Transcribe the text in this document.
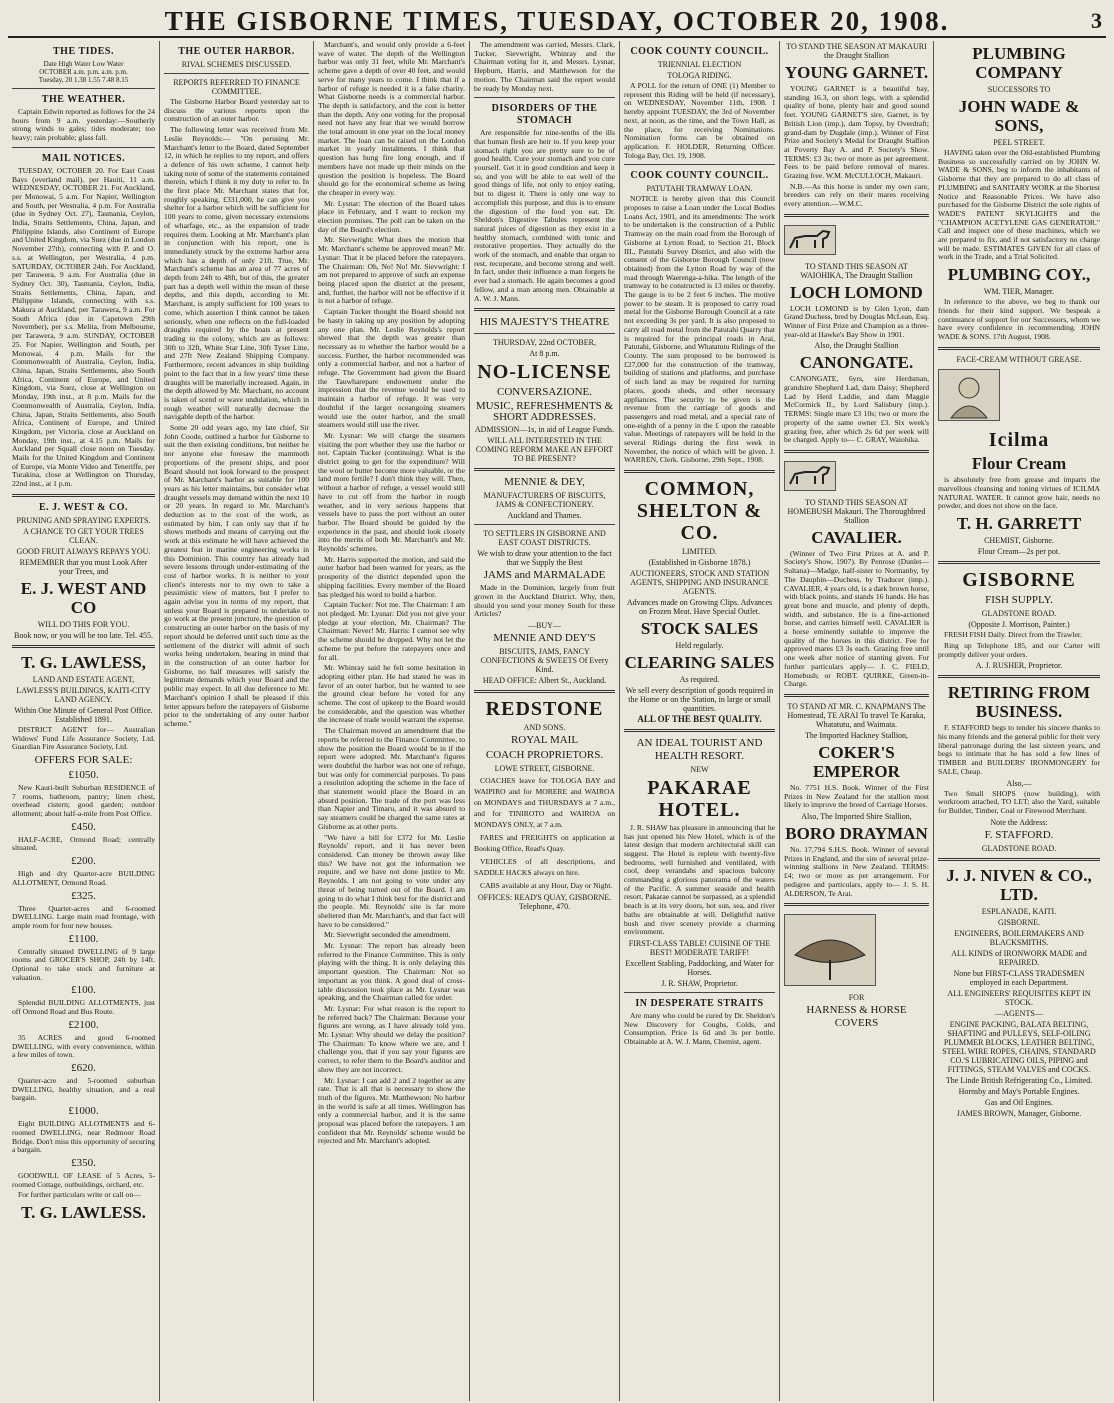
THE GISBORNE TIMES, TUESDAY, OCTOBER 20, 1908.	3
THE TIDES.
Date High Water Low Water
OCTOBER a.m. p.m. a.m. p.m.
Tuesday, 20 1.38 1.55 7.48 8.15
THE WEATHER.

Captain Edwin reported as follows for the 24 hours from 9 a.m. yesterday:—Southerly strong winds to gales; tides moderate; too heavy; rain probable; glass fall.

MAIL NOTICES.

TUESDAY, OCTOBER 20. For East Coast Bays (overland mail), per Hauiti, 11 a.m. WEDNESDAY, OCTOBER 21. For Auckland, per Monowai, 5 a.m. For Napier, Wellington and South, per Westralia, 4 p.m. For Australia (due in Sydney Oct. 27), Tasmania, Ceylon, India, Straits Settlements, China, Japan, and Philippine Islands, also Continent of Europe and United Kingdom, via Suez (due in London November 27th), connecting with P. and O. s.s. at Wellington, per Westralia, 4 p.m. SATURDAY, OCTOBER 24th. For Auckland, per Tarawera, 9 a.m. For Australia (due in Sydney Oct. 30), Tasmania, Ceylon, India, Straits Settlements, China, Japan, and Philippine Islands, connecting with s.s. Makura at Auckland, per Tarawera, 9 a.m. For South Africa (due in Capetown 29th November), per s.s. Melita, from Melbourne, per Tarawera, 9 a.m. SUNDAY, OCTOBER 25. For Napier, Wellington and South, per Monowai, 4 p.m. Mails for the Commonwealth of Australia, Ceylon, India, China, Japan, Straits Settlements, also South Africa, Continent of Europe, and United Kingdom, via Suez, close at Wellington on Monday, 19th inst., at 8 p.m. Mails for the Commonwealth of Australia, Ceylon, India, China, Japan, Straits Settlements, also South Africa, Continent of Europe, and United Kingdom, per Victoria, close at Auckland on Monday, 19th inst., at 4.15 p.m. Mails for Auckland per Squall close noon on Tuesday. Mails for the United Kingdom and Continent of Europe, via Monte Video and Teneriffe, per Turakina, close at Wellington on Thursday, 22nd inst., at 1 p.m.

E. J. WEST & CO.
PRUNING AND SPRAYING EXPERTS.
A CHANCE TO GET YOUR TREES CLEAN.
GOOD FRUIT ALWAYS REPAYS YOU.
REMEMBER that you must Look After your Trees, and
E. J. WEST AND CO
WILL DO THIS FOR YOU.
Book now, or you will be too late. Tel. 455.
T. G. LAWLESS,
LAND AND ESTATE AGENT,
LAWLESS'S BUILDINGS, KAITI-CITY LAND AGENCY.
Within One Minute of General Post Office. Established 1891.

DISTRICT AGENT for— Australian Widows' Fund Life Assurance Society, Ltd. Guardian Fire Assurance Society, Ltd.

OFFERS FOR SALE:
£1050.

New Kauri-built Suburban RESIDENCE of 7 rooms, bathroom, pantry; linen chest, overhead cistern; good garden; outdoor allotment; about half-a-mile from Post Office.

£450.

HALF-ACRE, Ormond Road; centrally situated.

£200.

High and dry Quarter-acre BUILDING ALLOTMENT, Ormond Road.

£325.

Three Quarter-acres and 6-roomed DWELLING. Large main road frontage, with ample room for four new houses.

£1100.

Centrally situated DWELLING of 9 large rooms and GROCER'S SHOP, 24ft by 14ft. Optional to take stock and furniture at valuation.

£100.

Splendid BUILDING ALLOTMENTS, just off Ormond Road and Bus Route.

£2100.

35 ACRES and good 6-roomed DWELLING, with every convenience, within a few miles of town.

£620.

Quarter-acre and 5-roomed suburban DWELLING, healthy situation, and a real bargain.

£1000.

Eight BUILDING ALLOTMENTS and 6-roomed DWELLING, near Redmoor Road Bridge. Don't miss this opportunity of securing a bargain.

£350.

GOODWILL OF LEASE of 5 Acres, 5-roomed Cottage, outbuildings, orchard, etc.

For further particulars write or call on—

T. G. LAWLESS.
THE OUTER HARBOR.
RIVAL SCHEMES DISCUSSED.
REPORTS REFERRED TO FINANCE COMMITTEE.

The Gisborne Harbor Board yesterday sat to discuss the various reports upon the construction of an outer harbor.

The following letter was received from Mr. Leslie Reynolds:— "On perusing Mr. Marchant's letter to the Board, dated September 12, in which he replies to my report, and offers a defence of his own scheme, I cannot help taking note of some of the statements contained therein, which I think it my duty to refer to. In the first place Mr. Marchant states that for, roughly speaking, £331,000, he can give you shelter for a harbor which will be sufficient for 100 years to come, given necessary extensions of wharfage, etc., as the expansion of trade requires them. Looking at Mr. Marchant's plan in conjunction with his report, one is immediately struck by the extreme harbor area which has a depth of only 21ft. True, Mr. Marchant's scheme has an area of 77 acres of depth from 24ft to 48ft, but of this, the greater part has a depth well within the mean of these depths, and this depth, according to Mr. Marchant, is amply sufficient for 100 years to come, which assertion I think cannot be taken seriously, when one reflects on the full-loaded draughts required by the boats at present trading to the colony, which are as follows: 30ft to 32ft, White Star Line, 30ft Tyser Line, and 27ft New Zealand Shipping Company. Furthermore, recent advances in ship building point to the fact that in a few years' time these draughts will be materially increased. Again, in the depth allowed by Mr. Marchant, no account is taken of scend or wave undulation, which in rough weather will naturally decrease the navigable depth of the harbor.

Some 20 odd years ago, my late chief, Sir John Coode, outlined a harbor for Gisborne to suit the then existing conditions, but neither he nor anyone else foresaw the mammoth proportions of the present ships, and poor Board should not look forward to the prospect of Mr. Marchant's harbor as suitable for 100 years as his letter maintains, but consider what draught vessels may demand within the next 10 or 20 years. In regard to Mr. Marchant's deduction as to the cost of the work, as estimated by him, I can only say that if he shows methods and means of carrying out the work at this estimate he will have achieved the greatest feat in marine engineering works in this Dominion. This country has already had severe lessons through under-estimating of the cost of harbor works. It is neither to your client's interests nor to my own to take a pessimistic view of matters, but I prefer to again advise you in terms of my report, that unless your Board is prepared to undertake to go work at the present juncture, the question of constructing an outer harbor on the basis of my report should be deferred until such time as the settlement of the district will admit of such works being undertaken, bearing in mind that in the construction of an outer harbor for Gisborne, no half measures will satisfy the legitimate demands which your Board and the public may expect. In all due deference to Mr. Marchant's opinion I shall be pleased if this letter appears before the ratepayers of Gisborne prior to the undertaking of any outer harbor scheme."

Marchant's, and would only provide a 6-feet wave of water. The depth of the Wellington harbor was only 31 feet, while Mr. Marchant's scheme gave a depth of over 40 feet, and would serve for many years to come. I think that if a harbor of refuge is needed it is a false charity. What Gisborne needs is a commercial harbor. The depth is satisfactory, and the cost is better than the depth. Any one voting for the proposal need not have any fear that we would borrow the total amount in one year on the local money market. The loan can be raised on the London market in yearly instalments. I think that question has hung fire long enough, and if members have not made up their minds on the question the position is hopeless. The Board should go for the economical scheme as being the cheaper in every way.

Mr. Lysnar: The election of the Board takes place in February, and I want to reckon my election promises. The poll can be taken on the day of the Board's election.

Mr. Sievwright: What does the motion that Mr. Marchant's scheme be approved mean? Mr. Lysnar: That it be placed before the ratepayers. The Chairman: Oh, No! No! Mr. Sievwright: I am not prepared to approve of such an expense being placed upon the district at the present, and, further, the harbor will not be effective if it is not a harbor of refuge.

Captain Tucker thought the Board should not be hasty in taking up any position by adopting any one plan. Mr. Leslie Reynolds's report showed that the depth was greater than necessary as to whether the harbor would be a success. Further, the harbor recommended was only a commercial harbor, and not a harbor of refuge. The Government had given the Board the Tauwharepare endowment under the impression that the revenue would be used to maintain a harbor of refuge. It was very doubtful if the larger oceangoing steamers would use the outer harbor, and the small steamers would still use the river.

Mr. Lysnar: We will charge the steamers visiting the port whether they use the harbor or not. Captain Tucker (continuing): What is the district going to get for the expenditure? Will the wool or butter become more valuable, or the land more fertile? I don't think they will. Then, without a harbor of refuge, a vessel would still have to cut off from the harbor in rough weather, and in very serious happens that vessels have to pass the port without an outer harbor. The Board should be guided by the experience in the past, and should look closely into the merits of both Mr. Marchant's and Mr. Reynolds' schemes.

Mr. Harris supported the motion, and said the outer harbor had been wanted for years, as the prosperity of the district depended upon the shipping facilities. Every member of the Board has pledged his word to build a harbor.

Captain Tucker: Not me. The Chairman: I am not pledged. Mr. Lysnar: Did you not give your pledge at your election, Mr. Chairman? The Chairman: Never! Mr. Harris: I cannot see why the scheme should be dropped. Why not let the scheme be put before the ratepayers once and for all.

Mr. Whinray said he felt some hesitation in adopting either plan. He had stated he was in favor of an outer harbor, but he wanted to see the ground clear before he voted for any scheme. The cost of upkeep to the Board would be considerable, and the question was whether the increase of trade would warrant the expense.

The Chairman moved an amendment that the reports be referred to the Finance Committee, to show the position the Board would be in if the report were adopted. Mr. Marchant's figures were doubtful the harbor was not one of refuge, but was only for commercial purposes. To pass a resolution adopting the scheme in the face of that statement would place the Board in an absurd position. The trade of the port was less than Napier and Timaru, and it was absurd to say steamers could be charged the same rates at Gisborne as at other ports.

"We have a bill for £372 for Mr. Leslie Reynolds' report, and it has never been considered. Can money be thrown away like this? We have not got the information we require, and we have not done justice to Mr. Reynolds. I am not going to vote under any threat of being turned out of the Board. I am going to do what I think best for the district and the people. Mr. Reynolds' site is far more sheltered than Mr. Marchant's, and that fact will have to be considered."

Mr. Sievwright seconded the amendment.

Mr. Lysnar: The report has already been referred to the Finance Committee. This is only playing with the thing. It is only delaying this important question. The Chairman: Not so important as you think. A good deal of cross-table discussion took place as Mr. Lysnar was speaking, and the Chairman called for order.

Mr. Lysnar: For what reason is the report to be referred back? The Chairman: Because your figures are wrong, as I have already told you. Mr. Lysnar: Why should we delay the position? The Chairman: To know where we are, and I challenge you, that if you say your figures are correct, to refer them to the Board's auditor and show they are not incorrect.

Mr. Lysnar: I can add 2 and 2 together as any rate. That is all that is necessary to show the truth of the figures. Mr. Matthewson: No harbor in the world is safe at all times. Wellington has only a commercial harbor, and it is the same proposal was placed before the ratepayers. I am confident that Mr. Reynolds' scheme would be rejected and Mr. Marchant's adopted.

The amendment was carried, Messrs. Clark, Tucker, Sievwright, Whinray and the Chairman voting for it, and Messrs. Lysnar, Hepburn, Harris, and Matthewson for the motion. The Chairman said the report would be ready by Monday next.

DISORDERS OF THE STOMACH

Are responsible for nine-tenths of the ills that human flesh are heir to. If you keep your stomach right you are pretty sure to be of good health. Cure your stomach and you cure yourself. Get it in good condition and keep it so, and you will be able to eat well of the good things of life, not only to enjoy eating, but to digest it. There is only one way to accomplish this purpose, and this is to ensure the digestion of the food you eat. Dr. Sheldon's Digestive Tabules represent the natural juices of digestion as they exist in a healthy stomach, combined with tonic and restorative properties. They actually do the work of the stomach, and enable that organ to rest, recuperate, and become strong and well. In fact, under their influence a man forgets he ever had a stomach. He again becomes a good fellow, and a man among men. Obtainable at A. W. J. Mann.

HIS MAJESTY'S THEATRE
THURSDAY, 22nd OCTOBER,
At 8 p.m.
NO-LICENSE
CONVERSAZIONE.
MUSIC, REFRESHMENTS & SHORT ADDRESSES.
ADMISSION—1s, in aid of League Funds.
WILL ALL INTERESTED IN THE COMING REFORM MAKE AN EFFORT TO BE PRESENT?
MENNIE & DEY,
MANUFACTURERS OF BISCUITS, JAMS & CONFECTIONERY.
Auckland and Thames.
TO SETTLERS IN GISBORNE AND EAST COAST DISTRICTS.
We wish to draw your attention to the fact that we Supply the Best
JAMS and MARMALADE

Made in the Dominion, largely from fruit grown in the Auckland District. Why, then, should you send your money South for these Articles?

—BUY—
MENNIE AND DEY'S
BISCUITS, JAMS, FANCY CONFECTIONS & SWEETS Of Every Kind.
HEAD OFFICE: Albert St., Auckland.
REDSTONE
AND SONS.
ROYAL MAIL
COACH PROPRIETORS.
LOWE STREET, GISBORNE.

COACHES leave for TOLOGA BAY and WAIPIRO and for MORERE and WAIROA on MONDAYS and THURSDAYS at 7 a.m., and for TINIROTO and WAIROA on MONDAYS ONLY, at 7 a.m.

FARES and FREIGHTS on application at Booking Office, Read's Quay.

VEHICLES of all descriptions, and SADDLE HACKS always on hire.

CABS available at any Hour, Day or Night.

OFFICES: READ'S QUAY, GISBORNE. Telephone, 470.
COOK COUNTY COUNCIL.
TRIENNIAL ELECTION
TOLOGA RIDING.

A POLL for the return of ONE (1) Member to represent this Riding will be held (if necessary), on WEDNESDAY, November 11th, 1908. I hereby appoint TUESDAY, the 3rd of November next, at noon, as the time, and the Town Hall, as the place, for receiving Nominations. Nomination forms can be obtained on application. F. HOLDER, Returning Officer. Tologa Bay, Oct. 19, 1908.

COOK COUNTY COUNCIL.
PATUTAHI TRAMWAY LOAN.

NOTICE is hereby given that this Council proposes to raise a Loan under the Local Bodies Loans Act, 1901, and its amendments: The work to be undertaken is the construction of a Public Tramway on the main road from the Borough of Gisborne at Lytton Road, to Section 21, Block III., Patutahi Survey District, and also with the consent of the Gisborne Borough Council (now obtained) from the Lytton Road by way of the road through Waerenga-a-hika. The length of the tramway to be constructed is 13 miles or thereby. The gauge is to be 2 feet 6 inches. The motive power to be steam. It is proposed to carry road metal for the Gisborne Borough Council at a rate not exceeding 3s per yard. It is also proposed to carry all road metal from the Patutahi Quarry that is required for the principal roads in Arai, Patutahi, Gisborne, and Whatatutu Ridings of the County. The sum proposed to be borrowed is £27,000 for the construction of the tramway, building of stations and platforms, and purchase of such land as may be required for turning places, goods sheds, and other necessary appliances. The security to be given is the revenue from the carriage of goods and passengers and road metal, and a special rate of one-eighth of a penny in the £ upon the rateable value. Meetings of ratepayers will be held in the several Ridings during the first week in November, the notice of which will be given. J. WARREN, Clerk. Gisborne, 29th Sept., 1908.

COMMON, SHELTON & CO.
LIMITED.
(Established in Gisborne 1878.)
AUCTIONEERS, STOCK AND STATION AGENTS, SHIPPING AND INSURANCE AGENTS.
Advances made on Growing Clips. Advances on Frozen Meat. Have Special Outlet.
STOCK SALES
Held regularly.
CLEARING SALES
As required.
We sell every description of goods required in the Home or on the Station, in large or small quantities.
ALL OF THE BEST QUALITY.
AN IDEAL TOURIST AND HEALTH RESORT.
NEW
PAKARAE HOTEL.

J. R. SHAW has pleasure in announcing that he has just opened his New Hotel, which is of the latest design that modern architectural skill can suggest. The Hotel is replete with twenty-five bedrooms, well furnished and ventilated, with cool, deep verandahs and spacious balcony commanding a glorious panorama of the waters of the Pacific. A summer seaside and health resort, Pakarae cannot be surpassed, as a splendid beach is at its very doors, hot sun, sea, and river baths are obtainable at will. Delightful native bush and river scenery provide a charming environment.

FIRST-CLASS TABLE! CUISINE OF THE BEST! MODERATE TARIFF!
Excellent Stabling, Paddocking, and Water for Horses.
J. R. SHAW, Proprietor.
IN DESPERATE STRAITS

Are many who could be cured by Dr. Sheldon's New Discovery for Coughs, Colds, and Consumption. Price 1s 6d and 3s per bottle. Obtainable at A. W. J. Mann, Chemist, agent.

TO STAND THE SEASON AT MAKAURI the Draught Stallion
YOUNG GARNET.

YOUNG GARNET is a beautiful bay, standing 16.3, on short legs, with a splendid quality of bone, plenty hair and good sound feet. YOUNG GARNET'S sire, Garnet, is by British Lion (imp.), dam Topsy, by Overdraft; grand-dam by Dugdale (imp.). Winner of First Prize and Society's Medal for Draught Stallion at Poverty Bay A. and P. Society's Show. TERMS: £3 3s; two or more as per agreement. Fees to be paid before removal of mares. Grazing free. W.M. McCULLOCH, Makauri.

N.B.—As this horse is under my own care, breeders can rely on their mares receiving every attention.—W.M.C.

TO STAND THIS SEASON AT WAIOHIKA, The Draught Stallion
LOCH LOMOND

LOCH LOMOND is by Glen Lyon, dam Grand Duchess, bred by Douglas McLean, Esq. Winner of First Prize and Champion as a three-year-old at Hawke's Bay Show in 1901.

Also, the Draught Stallion
CANONGATE.

CANONGATE, 6yrs, sire Herdsman, grandsire Shepherd Lad, dam Daisy; Shepherd Lad by Herd Laddie, and dam Maggie McCormick II., by Lord Salisbury (imp.). TERMS: Single mare £3 10s; two or more the property of the same owner £3. Six week's grazing free, after which 2s 6d per week will be charged. Apply to— C. GRAY, Waiohika.

TO STAND THIS SEASON AT HOMEBUSH Makauri. The Thoroughbred Stallion
CAVALIER.

(Winner of Two First Prizes at A. and P. Society's Show, 1907). By Penrose (Dunlet—Sultana)—Madge, half-sister to Normanby, by The Dauphin—Duchess, by Traducer (imp.). CAVALIER, 4 years old, is a dark brown horse, with black points, and stands 16 hands. He has great bone and muscle, and plenty of depth, width, and substance. He is a fine-actioned horse, and carries himself well. CAVALIER is a horse eminently suitable to improve the quality of the horses in this district. Fee for approved mares £3 3s each. Grazing free until one week after notice of stanting given. For further particulars apply— J. C. FIELD, Homebush; or ROBT. QUIRKE, Green-in-Charge.

TO STAND AT MR. C. KNAPMAN'S The Homestead, TE ARAI To travel Te Karaka, Whatatutu, and Waimata.
The Imported Hackney Stallion,
COKER'S EMPEROR

No. 7751 H.S. Book. Winner of the First Prizes in New Zealand for the stallion most likely to improve the breed of Carriage Horses.

Also, The Imported Shire Stallion,
BORO DRAYMAN

No. 17,794 S.H.S. Book. Winner of several Prizes in England, and the sire of several prize-winning stallions in New Zealand. TERMS: £4; two or more as per arrangement. For pedigree and particulars, apply to— J. S. H. ALDERSON, Te Arai.

FOR
HARNESS & HORSE COVERS
PLUMBING COMPANY
SUCCESSORS TO
JOHN WADE & SONS,
PEEL STREET.

HAVING taken over the Old-established Plumbing Business so successfully carried on by JOHN W. WADE & SONS, beg to inform the inhabitants of Gisborne that they are prepared to do all class of PLUMBING and SANITARY WORK at the Shortest Notice and Reasonable Prices. We have also purchased for the Gisborne District the sole rights of WADE'S PATENT SKYLIGHTS and the "CHAMPION ACETYLENE GAS GENERATOR." Call and inspect one of these machines, which we are prepared to fix, and if not satisfactory no charge will be made. ESTIMATES GIVEN for all class of work in the Trade, and a Trial Solicited.

PLUMBING COY.,
WM. TIER, Manager.

In reference to the above, we beg to thank our friends for their kind support. We bespeak a continuance of support for our Successors, whom we have every confidence in recommending. JOHN WADE & SONS. 17th August, 1908.

FACE-CREAM WITHOUT GREASE.
Icilma
Flour Cream

is absolutely free from grease and imparts the marvellous cleansing and toning virtues of ICILMA NATURAL WATER. It cannot grow hair, needs no powder, and does not show on the face.

T. H. GARRETT
CHEMIST, Gisborne.
Flour Cream—2s per pot.
GISBORNE
FISH SUPPLY.
GLADSTONE ROAD.
(Opposite J. Morrison, Painter.)

FRESH FISH Daily. Direct from the Trawler.

Ring up Telephone 185, and our Carter will promptly deliver your orders.

A. J. RUSHER, Proprietor.
RETIRING FROM BUSINESS.

F. STAFFORD begs to tender his sincere thanks to his many friends and the general public for their very liberal patronage during the last sixteen years, and begs to intimate that he has sold a few lines of TIMBER and BUILDERS' IRONMONGERY for SALE, Cheap.

Also,—

Two Small SHOPS (now building), with workroom attached, TO LET; also the Yard, suitable for Builder, Timber, Coal or Firewood Merchant.

Note the Address:
F. STAFFORD.
GLADSTONE ROAD.
J. J. NIVEN & CO., LTD.
ESPLANADE, KAITI.
GISBORNE.
ENGINEERS, BOILERMAKERS AND BLACKSMITHS.
ALL KINDS of IRONWORK MADE and REPAIRED.
None but FIRST-CLASS TRADESMEN employed in each Department.
ALL ENGINEERS' REQUISITES KEPT IN STOCK.
—AGENTS—
ENGINE PACKING, BALATA BELTING, SHAFTING and PULLEYS, SELF-OILING PLUMMER BLOCKS, LEATHER BELTING, STEEL WIRE ROPES, CHAINS, STANDARD CO.'S LUBRICATING OILS, PIPING and FITTINGS, STEAM VALVES and COCKS.
The Linde British Refrigerating Co., Limited.
Hornsby and May's Portable Engines.
Gas and Oil Engines.
JAMES BROWN, Manager, Gisborne.
